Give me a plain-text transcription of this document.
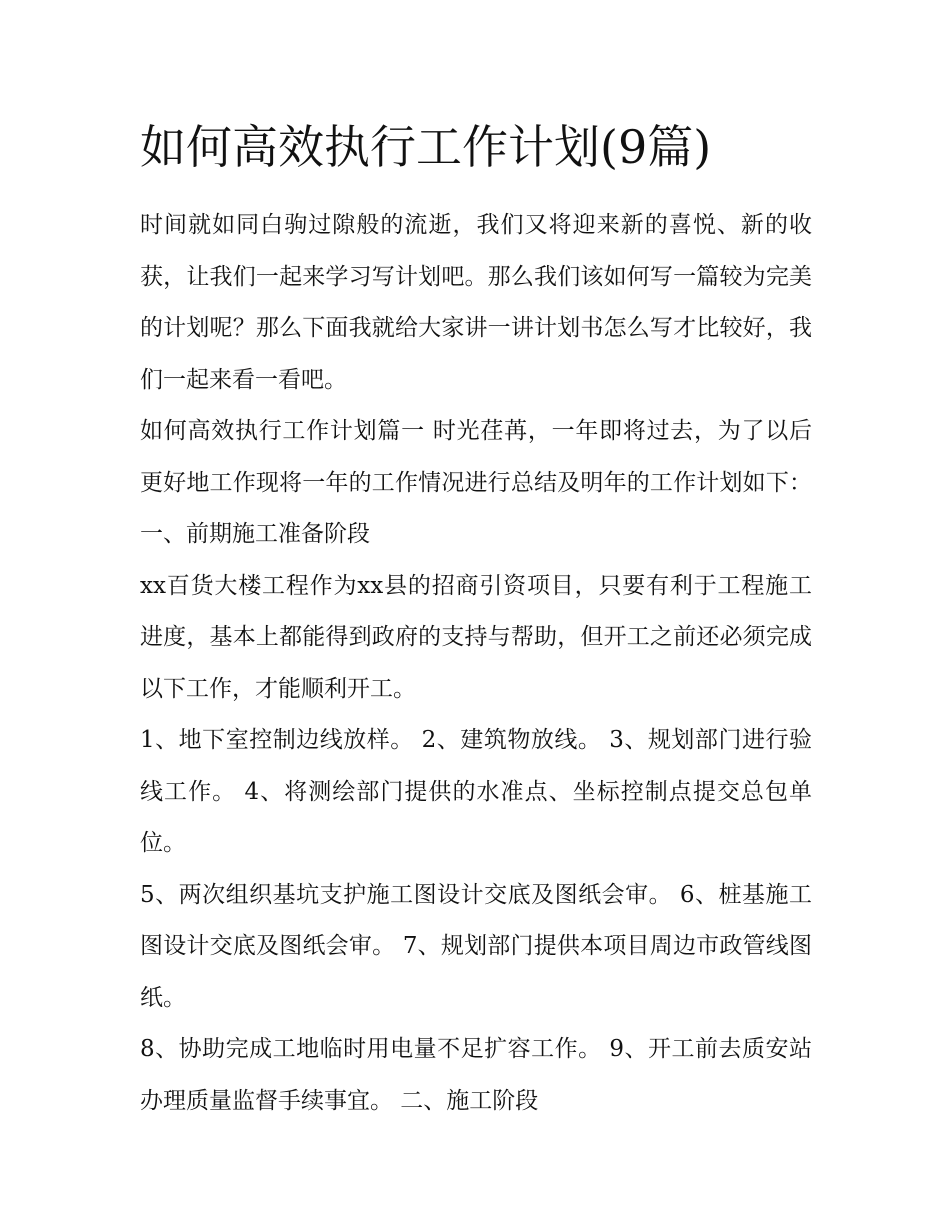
如何高效执行工作计划(9篇)

时间就如同白驹过隙般的流逝，我们又将迎来新的喜悦、新的收获，让我们一起来学习写计划吧。那么我们该如何写一篇较为完美的计划呢？那么下面我就给大家讲一讲计划书怎么写才比较好，我们一起来看一看吧。

如何高效执行工作计划篇一 时光荏苒，一年即将过去，为了以后更好地工作现将一年的工作情况进行总结及明年的工作计划如下： 一、前期施工准备阶段

xx百货大楼工程作为xx县的招商引资项目，只要有利于工程施工进度，基本上都能得到政府的支持与帮助，但开工之前还必须完成以下工作，才能顺利开工。

1、地下室控制边线放样。 2、建筑物放线。 3、规划部门进行验线工作。 4、将测绘部门提供的水准点、坐标控制点提交总包单位。

5、两次组织基坑支护施工图设计交底及图纸会审。 6、桩基施工图设计交底及图纸会审。 7、规划部门提供本项目周边市政管线图纸。

8、协助完成工地临时用电量不足扩容工作。 9、开工前去质安站办理质量监督手续事宜。 二、施工阶段
